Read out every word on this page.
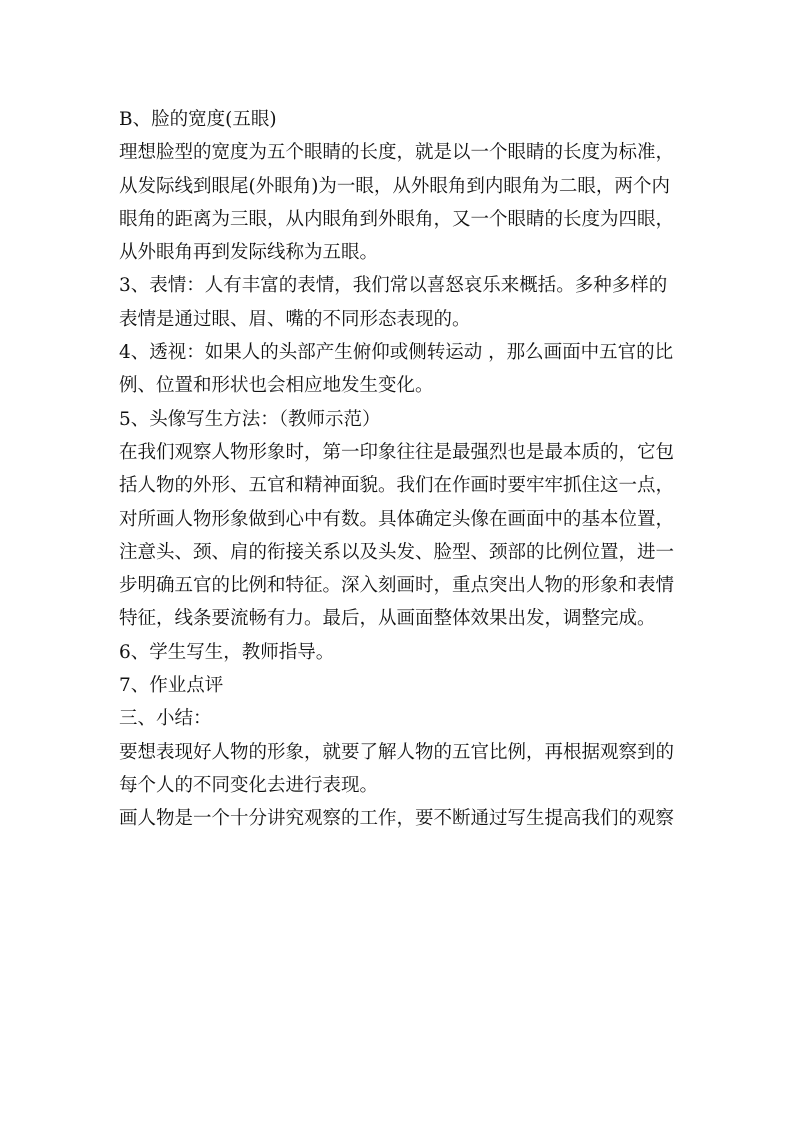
B、脸的宽度(五眼)
理想脸型的宽度为五个眼睛的长度，就是以一个眼睛的长度为标准，
从发际线到眼尾(外眼角)为一眼，从外眼角到内眼角为二眼，两个内
眼角的距离为三眼，从内眼角到外眼角，又一个眼睛的长度为四眼，
从外眼角再到发际线称为五眼。
3、表情：人有丰富的表情，我们常以喜怒哀乐来概括。多种多样的
表情是通过眼、眉、嘴的不同形态表现的。
4、透视：如果人的头部产生俯仰或侧转运动 ，那么画面中五官的比
例、位置和形状也会相应地发生变化。
5、头像写生方法：（教师示范）
在我们观察人物形象时，第一印象往往是最强烈也是最本质的，它包
括人物的外形、五官和精神面貌。我们在作画时要牢牢抓住这一点，
对所画人物形象做到心中有数。具体确定头像在画面中的基本位置，
注意头、颈、肩的衔接关系以及头发、脸型、颈部的比例位置，进一
步明确五官的比例和特征。深入刻画时，重点突出人物的形象和表情
特征，线条要流畅有力。最后，从画面整体效果出发，调整完成。
6、学生写生，教师指导。
7、作业点评
三、小结：
要想表现好人物的形象，就要了解人物的五官比例，再根据观察到的
每个人的不同变化去进行表现。
画人物是一个十分讲究观察的工作，要不断通过写生提高我们的观察
